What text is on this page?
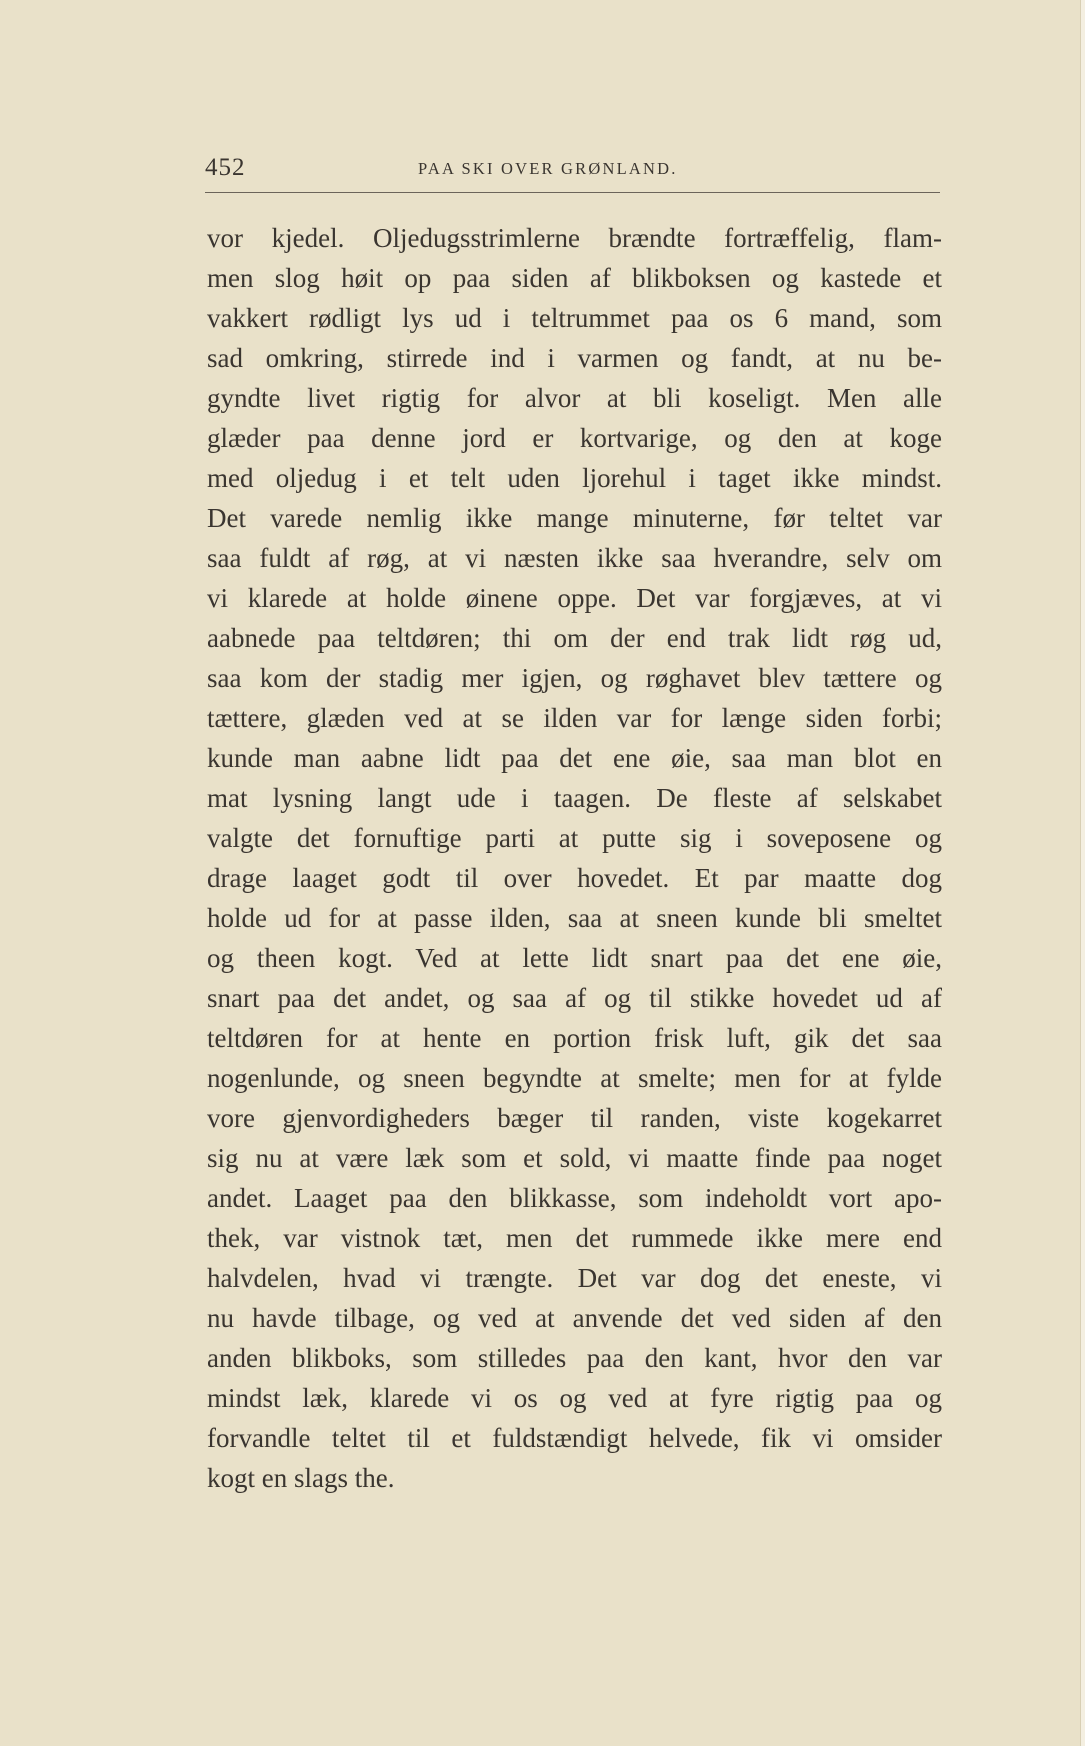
452	PAA SKI OVER GRØNLAND.
vor kjedel. Oljedugsstrimlerne brændte fortræffelig, flam-
men slog høit op paa siden af blikboksen og kastede et
vakkert rødligt lys ud i teltrummet paa os 6 mand, som
sad omkring, stirrede ind i varmen og fandt, at nu be-
gyndte livet rigtig for alvor at bli koseligt. Men alle
glæder paa denne jord er kortvarige, og den at koge
med oljedug i et telt uden ljorehul i taget ikke mindst.
Det varede nemlig ikke mange minuterne, før teltet var
saa fuldt af røg, at vi næsten ikke saa hverandre, selv om
vi klarede at holde øinene oppe. Det var forgjæves, at vi
aabnede paa teltdøren; thi om der end trak lidt røg ud,
saa kom der stadig mer igjen, og røghavet blev tættere og
tættere, glæden ved at se ilden var for længe siden forbi;
kunde man aabne lidt paa det ene øie, saa man blot en
mat lysning langt ude i taagen. De fleste af selskabet
valgte det fornuftige parti at putte sig i soveposene og
drage laaget godt til over hovedet. Et par maatte dog
holde ud for at passe ilden, saa at sneen kunde bli smeltet
og theen kogt. Ved at lette lidt snart paa det ene øie,
snart paa det andet, og saa af og til stikke hovedet ud af
teltdøren for at hente en portion frisk luft, gik det saa
nogenlunde, og sneen begyndte at smelte; men for at fylde
vore gjenvordigheders bæger til randen, viste kogekarret
sig nu at være læk som et sold, vi maatte finde paa noget
andet. Laaget paa den blikkasse, som indeholdt vort apo-
thek, var vistnok tæt, men det rummede ikke mere end
halvdelen, hvad vi trængte. Det var dog det eneste, vi
nu havde tilbage, og ved at anvende det ved siden af den
anden blikboks, som stilledes paa den kant, hvor den var
mindst læk, klarede vi os og ved at fyre rigtig paa og
forvandle teltet til et fuldstændigt helvede, fik vi omsider
kogt en slags the.
